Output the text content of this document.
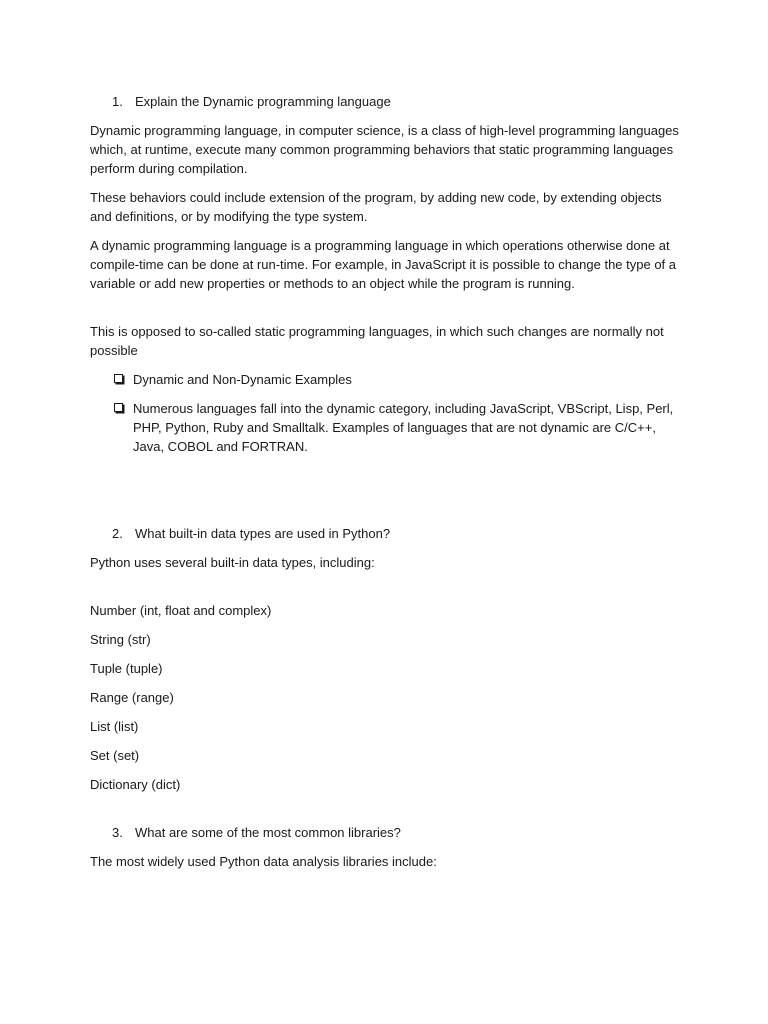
1. Explain the Dynamic programming language

Dynamic programming language, in computer science, is a class of high-level programming languages which, at runtime, execute many common programming behaviors that static programming languages perform during compilation.

These behaviors could include extension of the program, by adding new code, by extending objects and definitions, or by modifying the type system.

A dynamic programming language is a programming language in which operations otherwise done at compile-time can be done at run-time. For example, in JavaScript it is possible to change the type of a variable or add new properties or methods to an object while the program is running.

This is opposed to so-called static programming languages, in which such changes are normally not possible

Dynamic and Non-Dynamic Examples
Numerous languages fall into the dynamic category, including JavaScript, VBScript, Lisp, Perl, PHP, Python, Ruby and Smalltalk. Examples of languages that are not dynamic are C/C++, Java, COBOL and FORTRAN.
2. What built-in data types are used in Python?

Python uses several built-in data types, including:

Number (int, float and complex)

String (str)

Tuple (tuple)

Range (range)

List (list)

Set (set)

Dictionary (dict)

3. What are some of the most common libraries?

The most widely used Python data analysis libraries include:
